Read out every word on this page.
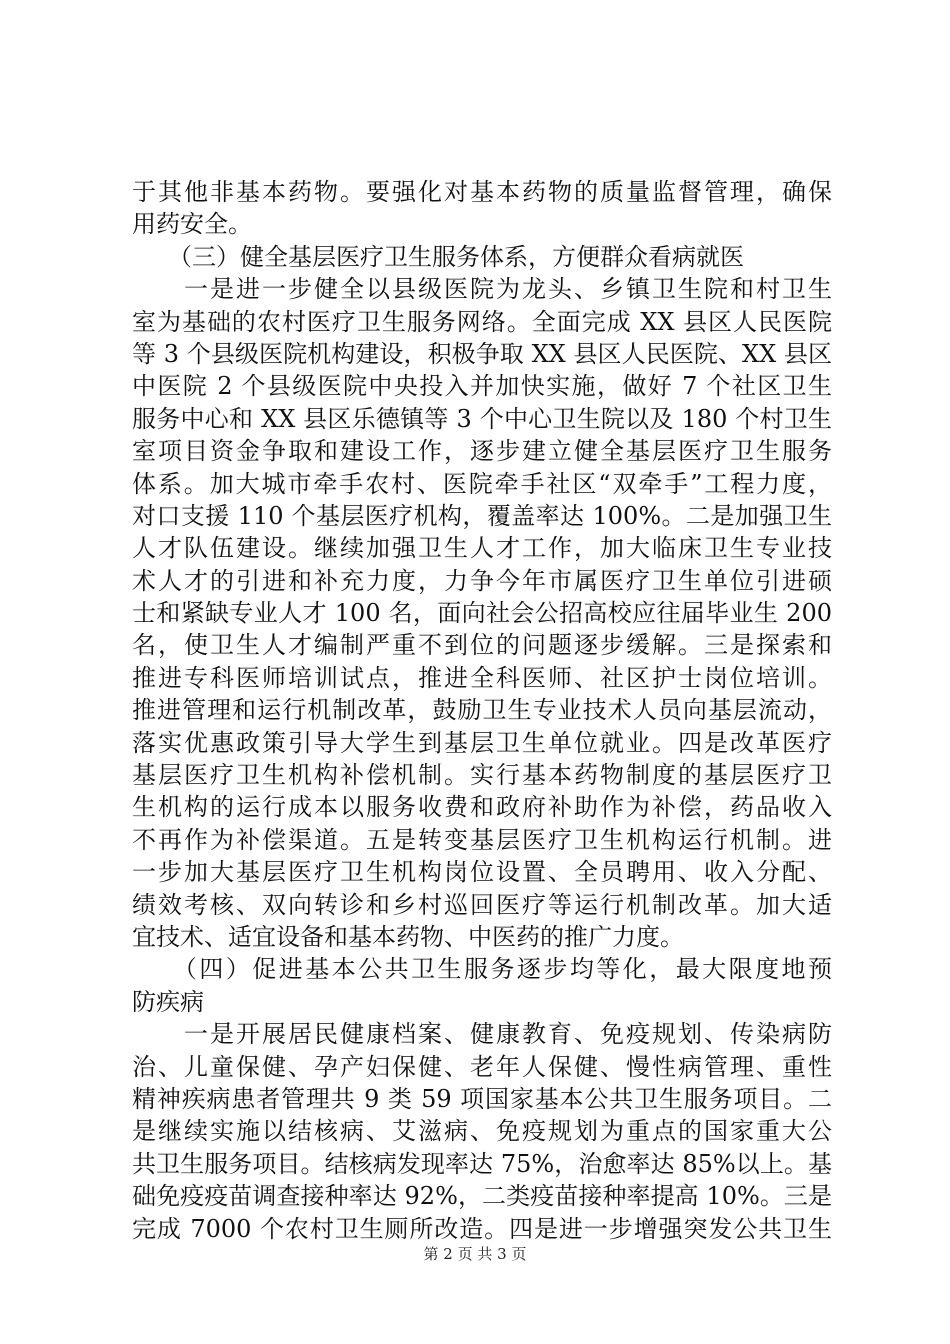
于其他非基本药物。要强化对基本药物的质量监督管理，确保
用药安全。
　　（三）健全基层医疗卫生服务体系，方便群众看病就医
　　一是进一步健全以县级医院为龙头、乡镇卫生院和村卫生
室为基础的农村医疗卫生服务网络。全面完成 XX 县区人民医院
等 3 个县级医院机构建设，积极争取 XX 县区人民医院、XX 县区
中医院 2 个县级医院中央投入并加快实施，做好 7 个社区卫生
服务中心和 XX 县区乐德镇等 3 个中心卫生院以及 180 个村卫生
室项目资金争取和建设工作，逐步建立健全基层医疗卫生服务
体系。加大城市牵手农村、医院牵手社区“双牵手”工程力度，
对口支援 110 个基层医疗机构，覆盖率达 100%。二是加强卫生
人才队伍建设。继续加强卫生人才工作，加大临床卫生专业技
术人才的引进和补充力度，力争今年市属医疗卫生单位引进硕
士和紧缺专业人才 100 名，面向社会公招高校应往届毕业生 200
名，使卫生人才编制严重不到位的问题逐步缓解。三是探索和
推进专科医师培训试点，推进全科医师、社区护士岗位培训。
推进管理和运行机制改革，鼓励卫生专业技术人员向基层流动，
落实优惠政策引导大学生到基层卫生单位就业。四是改革医疗
基层医疗卫生机构补偿机制。实行基本药物制度的基层医疗卫
生机构的运行成本以服务收费和政府补助作为补偿，药品收入
不再作为补偿渠道。五是转变基层医疗卫生机构运行机制。进
一步加大基层医疗卫生机构岗位设置、全员聘用、收入分配、
绩效考核、双向转诊和乡村巡回医疗等运行机制改革。加大适
宜技术、适宜设备和基本药物、中医药的推广力度。
　　（四）促进基本公共卫生服务逐步均等化，最大限度地预
防疾病
　　一是开展居民健康档案、健康教育、免疫规划、传染病防
治、儿童保健、孕产妇保健、老年人保健、慢性病管理、重性
精神疾病患者管理共 9 类 59 项国家基本公共卫生服务项目。二
是继续实施以结核病、艾滋病、免疫规划为重点的国家重大公
共卫生服务项目。结核病发现率达 75%，治愈率达 85%以上。基
础免疫疫苗调查接种率达 92%，二类疫苗接种率提高 10%。三是
完成 7000 个农村卫生厕所改造。四是进一步增强突发公共卫生
第 2 页 共 3 页
